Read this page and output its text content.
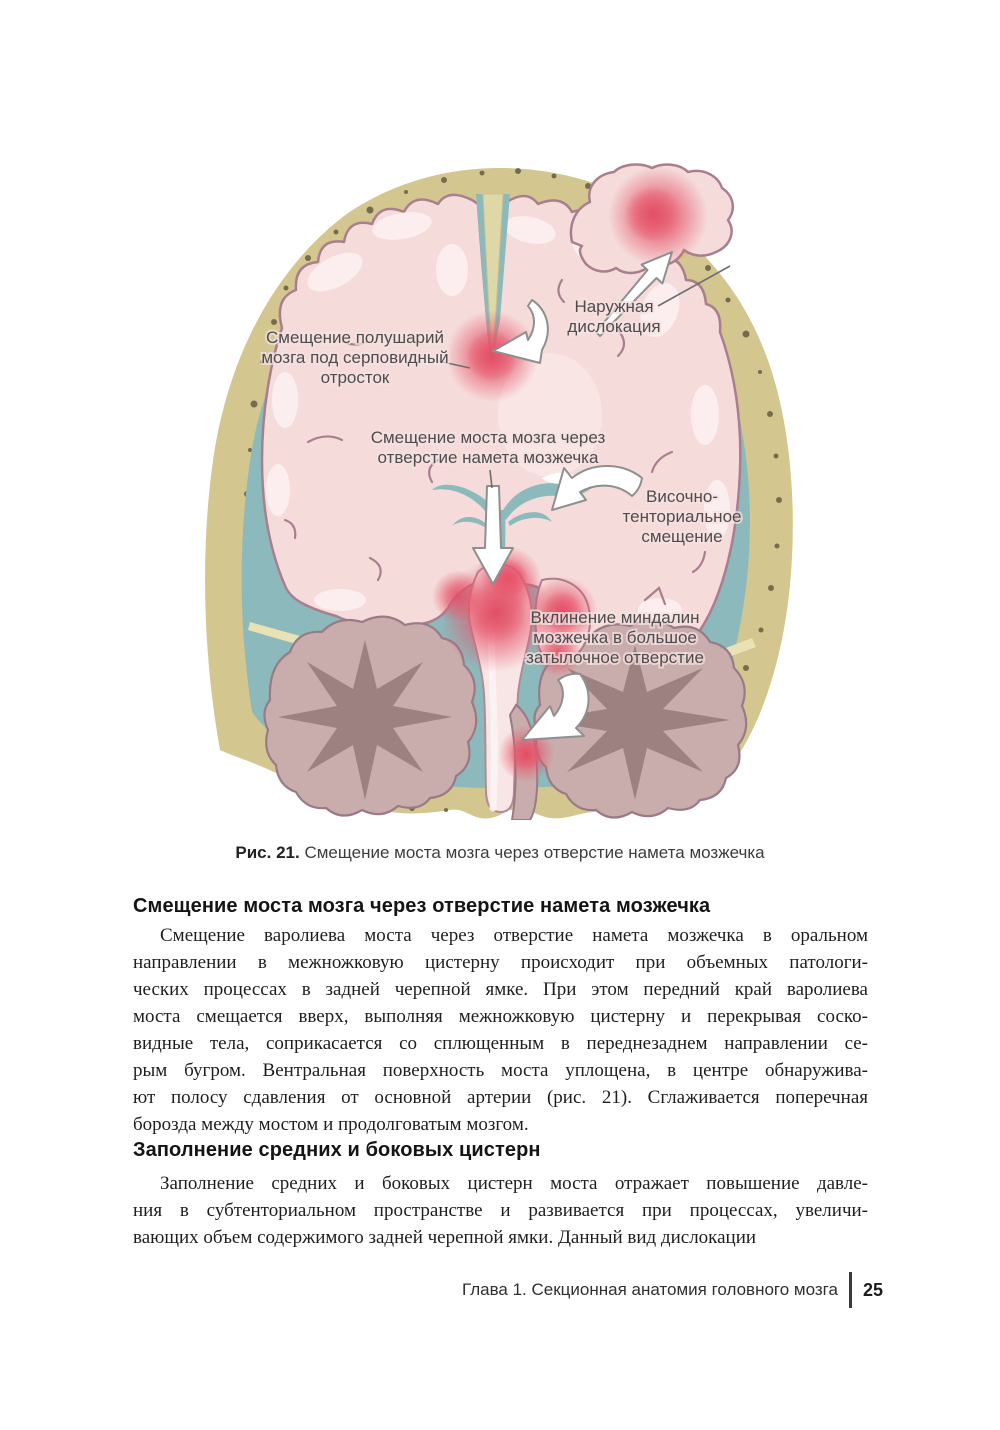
Смещение полушарий
мозга под серповидный
отросток
Наружная
дислокация
Смещение моста мозга через
отверстие намета мозжечка
Височно-
тенториальное
смещение
Вклинение миндалин
мозжечка в большое
затылочное отверстие
Рис. 21. Смещение моста мозга через отверстие намета мозжечка
Смещение моста мозга через отверстие намета мозжечка
Смещение варолиева моста через отверстие намета мозжечка в оральном
направлении в межножковую цистерну происходит при объемных патологи-
ческих процессах в задней черепной ямке. При этом передний край варолиева
моста смещается вверх, выполняя межножковую цистерну и перекрывая соско-
видные тела, соприкасается со сплющенным в переднезаднем направлении се-
рым бугром. Вентральная поверхность моста уплощена, в центре обнаружива-
ют полосу сдавления от основной артерии (рис. 21). Сглаживается поперечная
борозда между мостом и продолговатым мозгом.
Заполнение средних и боковых цистерн
Заполнение средних и боковых цистерн моста отражает повышение давле-
ния в субтенториальном пространстве и развивается при процессах, увеличи-
вающих объем содержимого задней черепной ямки. Данный вид дислокации
Глава 1. Секционная анатомия головного мозга 25
